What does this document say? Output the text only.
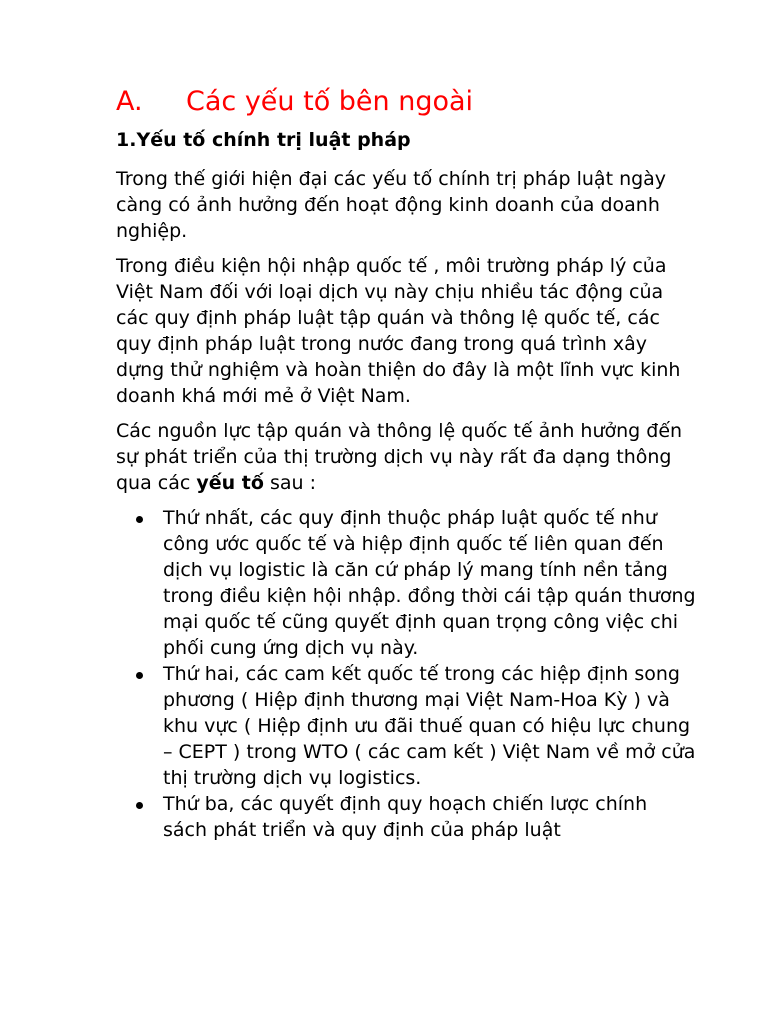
A.	Các yếu tố bên ngoài
1.Yếu tố chính trị luật pháp

Trong thế giới hiện đại các yếu tố chính trị pháp luật ngày càng có ảnh hưởng đến hoạt động kinh doanh của doanh nghiệp.

Trong điều kiện hội nhập quốc tế , môi trường pháp lý của Việt Nam đối với loại dịch vụ này chịu nhiều tác động của các quy định pháp luật tập quán và thông lệ quốc tế, các quy định pháp luật trong nước đang trong quá trình xây dựng thử nghiệm và hoàn thiện do đây là một lĩnh vực kinh doanh khá mới mẻ ở Việt Nam.

Các nguồn lực tập quán và thông lệ quốc tế ảnh hưởng đến sự phát triển của thị trường dịch vụ này rất đa dạng thông qua các yếu tố sau :

Thứ nhất, các quy định thuộc pháp luật quốc tế như công ước quốc tế và hiệp định quốc tế liên quan đến dịch vụ logistic là căn cứ pháp lý mang tính nền tảng trong điều kiện hội nhập. đồng thời cái tập quán thương mại quốc tế cũng quyết định quan trọng công việc chi phối cung ứng dịch vụ này.
Thứ hai, các cam kết quốc tế trong các hiệp định song phương ( Hiệp định thương mại Việt Nam-Hoa Kỳ ) và khu vực ( Hiệp định ưu đãi thuế quan có hiệu lực chung – CEPT ) trong WTO ( các cam kết ) Việt Nam về mở cửa thị trường dịch vụ logistics.
Thứ ba, các quyết định quy hoạch chiến lược chính sách phát triển và quy định của pháp luật
